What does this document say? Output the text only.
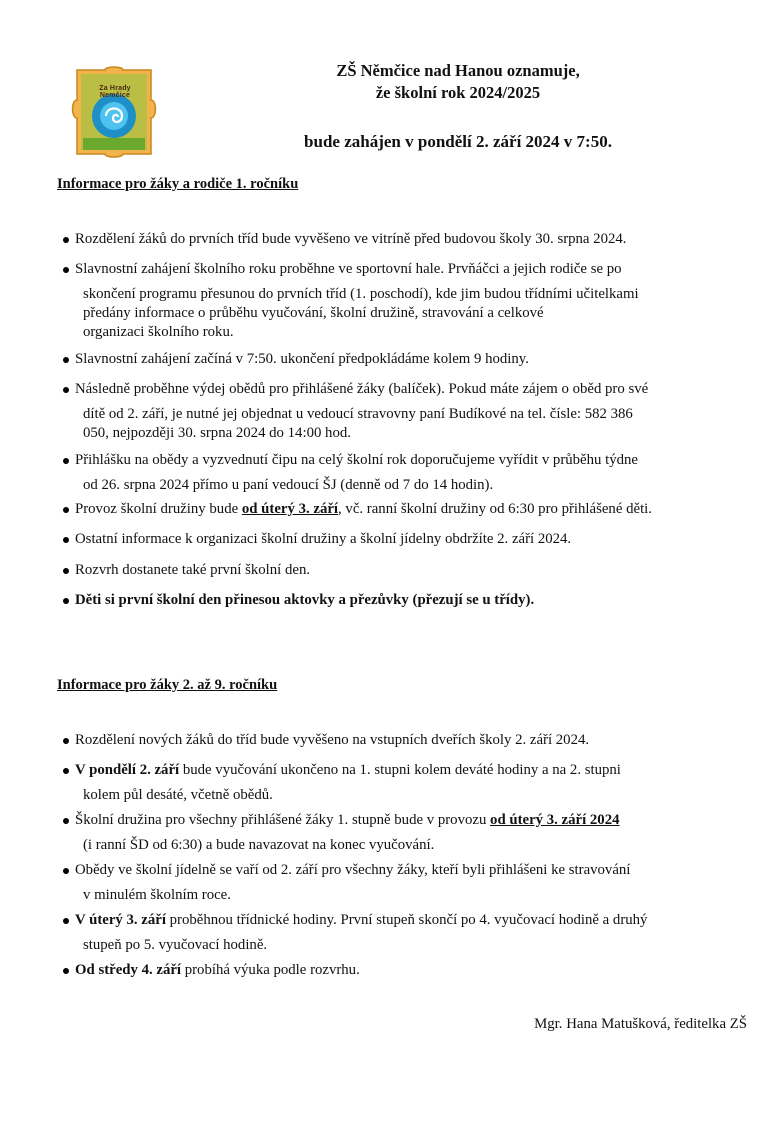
Za Hrady Nemčice
ZŠ Němčice nad Hanou oznamuje,
že školní rok 2024/2025
bude zahájen v pondělí 2. září 2024 v 7:50.
Informace pro žáky a rodiče 1. ročníku
Rozdělení žáků do prvních tříd bude vyvěšeno ve vitríně před budovou školy 30. srpna 2024.
Slavnostní zahájení školního roku proběhne ve sportovní hale. Prvňáčci a jejich rodiče se po
skončení programu přesunou do prvních tříd (1. poschodí), kde jim budou třídními učitelkami
předány informace o průběhu vyučování, školní družině, stravování a celkové
organizaci školního roku.
Slavnostní zahájení začíná v 7:50. ukončení předpokládáme kolem 9 hodiny.
Následně proběhne výdej obědů pro přihlášené žáky (balíček). Pokud máte zájem o oběd pro své
dítě od 2. září, je nutné jej objednat u vedoucí stravovny paní Budíkové na tel. čísle: 582 386
050, nejpozději 30. srpna 2024 do 14:00 hod.
Přihlášku na obědy a vyzvednutí čipu na celý školní rok doporučujeme vyřídit v průběhu týdne
od 26. srpna 2024 přímo u paní vedoucí ŠJ (denně od 7 do 14 hodin).
Provoz školní družiny bude od úterý 3. září, vč. ranní školní družiny od 6:30 pro přihlášené děti.
Ostatní informace k organizaci školní družiny a školní jídelny obdržíte 2. září 2024.
Rozvrh dostanete také první školní den.
Děti si první školní den přinesou aktovky a přezůvky (přezují se u třídy).
Informace pro žáky 2. až 9. ročníku
Rozdělení nových žáků do tříd bude vyvěšeno na vstupních dveřích školy 2. září 2024.
V pondělí 2. září bude vyučování ukončeno na 1. stupni kolem deváté hodiny a na 2. stupni
kolem půl desáté, včetně obědů.
Školní družina pro všechny přihlášené žáky 1. stupně bude v provozu od úterý 3. září 2024
(i ranní ŠD od 6:30) a bude navazovat na konec vyučování.
Obědy ve školní jídelně se vaří od 2. září pro všechny žáky, kteří byli přihlášeni ke stravování
v minulém školním roce.
V úterý 3. září proběhnou třídnické hodiny. První stupeň skončí po 4. vyučovací hodině a druhý
stupeň po 5. vyučovací hodině.
Od středy 4. září probíhá výuka podle rozvrhu.
Mgr. Hana Matušková, ředitelka ZŠ
